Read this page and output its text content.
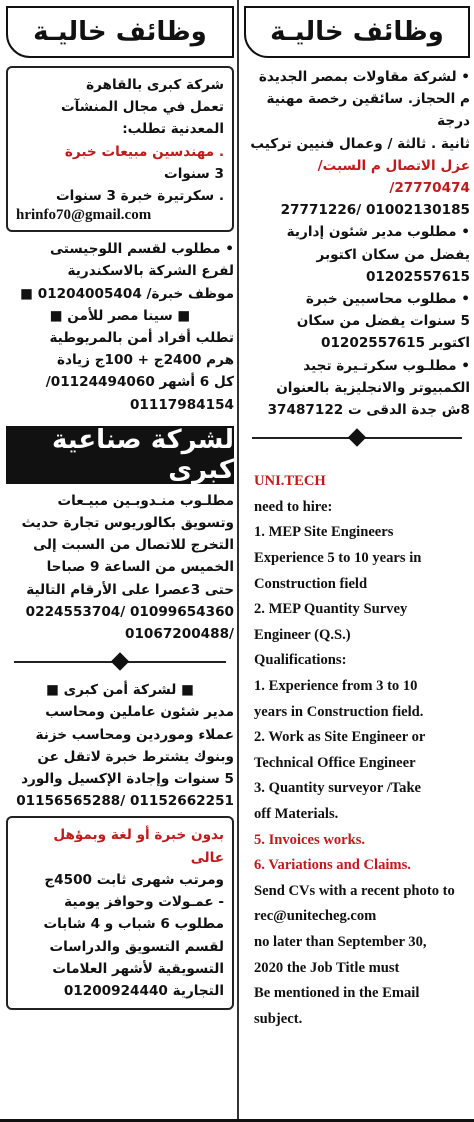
وظائف خاليـة

شركة كبرى بالقاهرة

تعمل في مجال المنشآت

المعدنية تطلب:

. مهندسين مبيعات خبرة

3 سنوات

. سكرتيرة خبرة 3 سنوات

hrinfo70@gmail.com

• مطلوب لقسم اللوجيستى

لفرع الشركة بالاسكندرية

موظف خبرة/ 01204005404 ■

■ سينا مصر للأمن ■

تطلب أفراد أمن بالمريوطية

هرم 2400ج + 100ج زيادة

كل 6 أشهر 01124494060/

01117984154

لشركة صناعية كبرى

مطلـوب منـدوبـين مبيـعات

وتسويق بكالوريوس تجارة حديث

التخرج للاتصال من السبت إلى

الخميس من الساعة 9 صباحا

حتى 3عصرا على الأرقام التالية

01099654360 /0224553704

/01067200488

■ لشركة أمن كبرى ■

مدير شئون عاملين ومحاسب

عملاء وموردين ومحاسب خزنة

وبنوك يشترط خبرة لاتقل عن

5 سنوات وإجادة الإكسيل والورد

01152662251 /01156565288

بدون خبرة أو لغة وبمؤهل عالى

ومرتب شهرى ثابت 4500ج

- عمـولات وحوافز يومية

مطلوب 6 شباب و 4 شابات

لقسم التسويق والدراسات

التسويقية لأشهر العلامات

التجارية 01200924440

وظائف خاليـة

• لشركة مقاولات بمصر الجديدة

م الحجاز. سائقين رخصة مهنية درجة

ثانية . ثالثة / وعمال فنيين تركيب

عزل الاتصال م السبت/ 27770474/

01002130185 /27771226

• مطلوب مدير شئون إدارية

يفضل من سكان اكتوبر

01202557615

• مطلوب محاسبين خبرة

5 سنوات يفضل من سكان

اكتوبر 01202557615

• مطلـوب سكرتـيرة تجيد

الكمبيوتر والانجليزية بالعنوان

8ش جدة الدقى ت 37487122

UNI.TECH
need to hire:
1. MEP Site Engineers
Experience 5 to 10 years in
Construction field
2. MEP Quantity Survey
Engineer (Q.S.)
Qualifications:
1. Experience from 3 to 10
years in Construction field.
2. Work as Site Engineer or
Technical Office Engineer
3. Quantity surveyor /Take
off Materials.
5. Invoices works.
6. Variations and Claims.
Send CVs with a recent photo to
rec@unitecheg.com
no later than September 30,
2020 the Job Title must
Be mentioned in the Email
subject.
